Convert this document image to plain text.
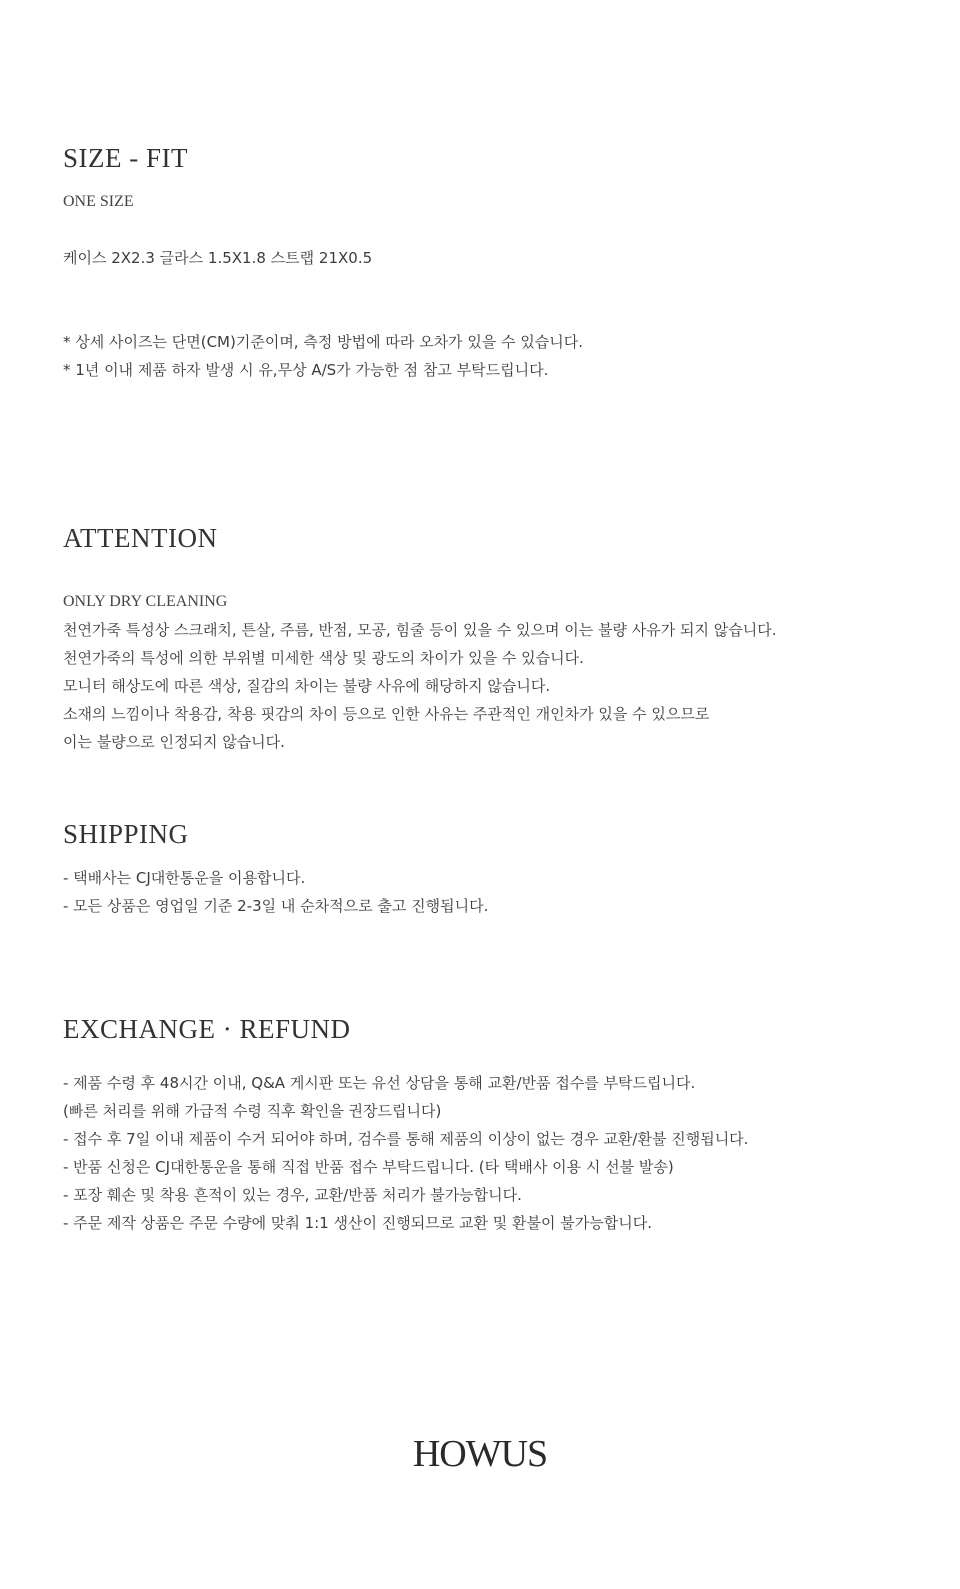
SIZE - FIT

ONE SIZE

케이스 2X2.3 글라스 1.5X1.8 스트랩 21X0.5

* 상세 사이즈는 단면(CM)기준이며, 측정 방법에 따라 오차가 있을 수 있습니다.

* 1년 이내 제품 하자 발생 시 유,무상 A/S가 가능한 점 참고 부탁드립니다.

ATTENTION

ONLY DRY CLEANING

천연가죽 특성상 스크래치, 튼살, 주름, 반점, 모공, 힘줄 등이 있을 수 있으며 이는 불량 사유가 되지 않습니다.

천연가죽의 특성에 의한 부위별 미세한 색상 및 광도의 차이가 있을 수 있습니다.

모니터 해상도에 따른 색상, 질감의 차이는 불량 사유에 해당하지 않습니다.

소재의 느낌이나 착용감, 착용 핏감의 차이 등으로 인한 사유는 주관적인 개인차가 있을 수 있으므로

이는 불량으로 인정되지 않습니다.

SHIPPING

- 택배사는 CJ대한통운을 이용합니다.

- 모든 상품은 영업일 기준 2-3일 내 순차적으로 출고 진행됩니다.

EXCHANGE · REFUND

- 제품 수령 후 48시간 이내, Q&A 게시판 또는 유선 상담을 통해 교환/반품 접수를 부탁드립니다.

(빠른 처리를 위해 가급적 수령 직후 확인을 권장드립니다)

- 접수 후 7일 이내 제품이 수거 되어야 하며, 검수를 통해 제품의 이상이 없는 경우 교환/환불 진행됩니다.

- 반품 신청은 CJ대한통운을 통해 직접 반품 접수 부탁드립니다. (타 택배사 이용 시 선불 발송)

- 포장 훼손 및 착용 흔적이 있는 경우, 교환/반품 처리가 불가능합니다.

- 주문 제작 상품은 주문 수량에 맞춰 1:1 생산이 진행되므로 교환 및 환불이 불가능합니다.

HOWUS
